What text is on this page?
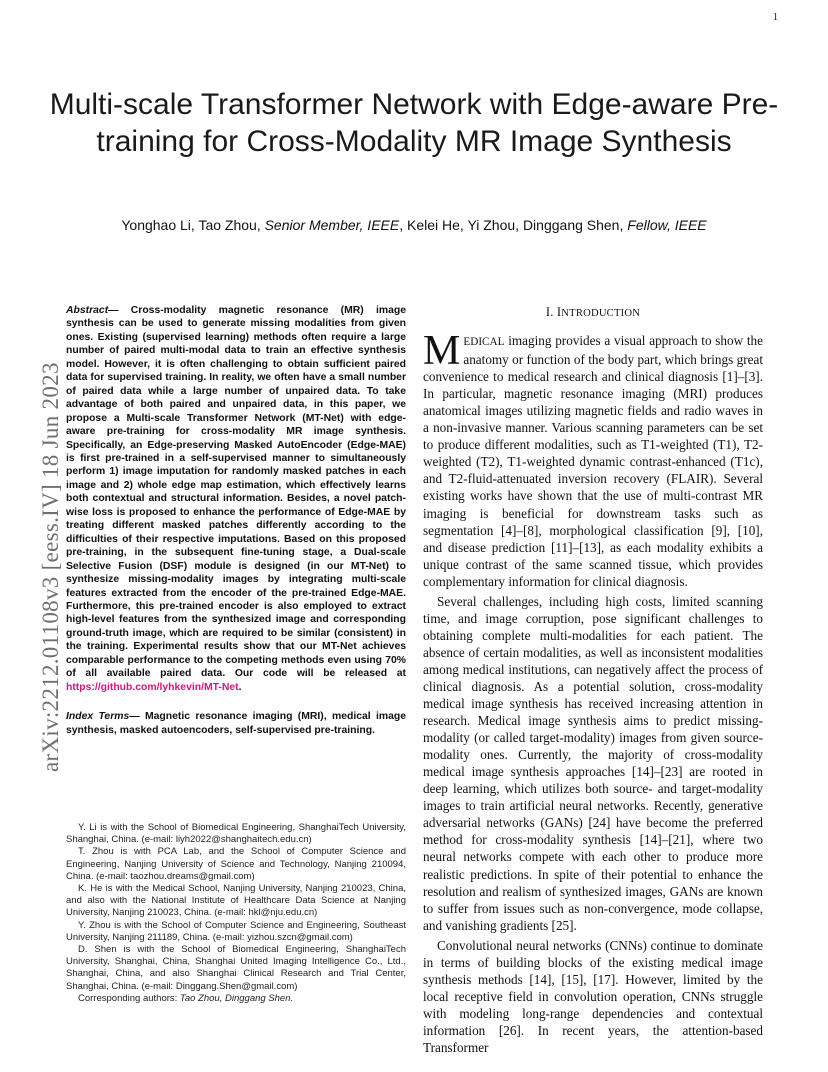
1
Multi-scale Transformer Network with Edge-aware Pre-training for Cross-Modality MR Image Synthesis
Yonghao Li, Tao Zhou, Senior Member, IEEE, Kelei He, Yi Zhou, Dinggang Shen, Fellow, IEEE
arXiv:2212.01108v3 [eess.IV] 18 Jun 2023

Abstract— Cross-modality magnetic resonance (MR) image synthesis can be used to generate missing modalities from given ones. Existing (supervised learning) methods often require a large number of paired multi-modal data to train an effective synthesis model. However, it is often challenging to obtain sufficient paired data for supervised training. In reality, we often have a small number of paired data while a large number of unpaired data. To take advantage of both paired and unpaired data, in this paper, we propose a Multi-scale Transformer Network (MT-Net) with edge-aware pre-training for cross-modality MR image synthesis. Specifically, an Edge-preserving Masked AutoEncoder (Edge-MAE) is first pre-trained in a self-supervised manner to simultaneously perform 1) image imputation for randomly masked patches in each image and 2) whole edge map estimation, which effectively learns both contextual and structural information. Besides, a novel patch-wise loss is proposed to enhance the performance of Edge-MAE by treating different masked patches differently according to the difficulties of their respective imputations. Based on this proposed pre-training, in the subsequent fine-tuning stage, a Dual-scale Selective Fusion (DSF) module is designed (in our MT-Net) to synthesize missing-modality images by integrating multi-scale features extracted from the encoder of the pre-trained Edge-MAE. Furthermore, this pre-trained encoder is also employed to extract high-level features from the synthesized image and corresponding ground-truth image, which are required to be similar (consistent) in the training. Experimental results show that our MT-Net achieves comparable performance to the competing methods even using 70% of all available paired data. Our code will be released at https://github.com/lyhkevin/MT-Net.

Index Terms— Magnetic resonance imaging (MRI), medical image synthesis, masked autoencoders, self-supervised pre-training.

Y. Li is with the School of Biomedical Engineering, ShanghaiTech University, Shanghai, China. (e-mail: liyh2022@shanghaitech.edu.cn)

T. Zhou is with PCA Lab, and the School of Computer Science and Engineering, Nanjing University of Science and Technology, Nanjing 210094, China. (e-mail: taozhou.dreams@gmail.com)

K. He is with the Medical School, Nanjing University, Nanjing 210023, China, and also with the National Institute of Healthcare Data Science at Nanjing University, Nanjing 210023, China. (e-mail: hkl@nju.edu.cn)

Y. Zhou is with the School of Computer Science and Engineering, Southeast University, Nanjing 211189, China. (e-mail: yizhou.szcn@gmail.com)

D. Shen is with the School of Biomedical Engineering, ShanghaiTech University, Shanghai, China, Shanghai United Imaging Intelligence Co., Ltd., Shanghai, China, and also Shanghai Clinical Research and Trial Center, Shanghai, China. (e-mail: Dinggang.Shen@gmail.com)

Corresponding authors: Tao Zhou, Dinggang Shen.

I. INTRODUCTION

MEDICAL imaging provides a visual approach to show the anatomy or function of the body part, which brings great convenience to medical research and clinical diagnosis [1]–[3]. In particular, magnetic resonance imaging (MRI) produces anatomical images utilizing magnetic fields and radio waves in a non-invasive manner. Various scanning parameters can be set to produce different modalities, such as T1-weighted (T1), T2-weighted (T2), T1-weighted dynamic contrast-enhanced (T1c), and T2-fluid-attenuated inversion recovery (FLAIR). Several existing works have shown that the use of multi-contrast MR imaging is beneficial for downstream tasks such as segmentation [4]–[8], morphological classification [9], [10], and disease prediction [11]–[13], as each modality exhibits a unique contrast of the same scanned tissue, which provides complementary information for clinical diagnosis.

Several challenges, including high costs, limited scanning time, and image corruption, pose significant challenges to obtaining complete multi-modalities for each patient. The absence of certain modalities, as well as inconsistent modalities among medical institutions, can negatively affect the process of clinical diagnosis. As a potential solution, cross-modality medical image synthesis has received increasing attention in research. Medical image synthesis aims to predict missing-modality (or called target-modality) images from given source-modality ones. Currently, the majority of cross-modality medical image synthesis approaches [14]–[23] are rooted in deep learning, which utilizes both source- and target-modality images to train artificial neural networks. Recently, generative adversarial networks (GANs) [24] have become the preferred method for cross-modality synthesis [14]–[21], where two neural networks compete with each other to produce more realistic predictions. In spite of their potential to enhance the resolution and realism of synthesized images, GANs are known to suffer from issues such as non-convergence, mode collapse, and vanishing gradients [25].

Convolutional neural networks (CNNs) continue to dominate in terms of building blocks of the existing medical image synthesis methods [14], [15], [17]. However, limited by the local receptive field in convolution operation, CNNs struggle with modeling long-range dependencies and contextual information [26]. In recent years, the attention-based Transformer
